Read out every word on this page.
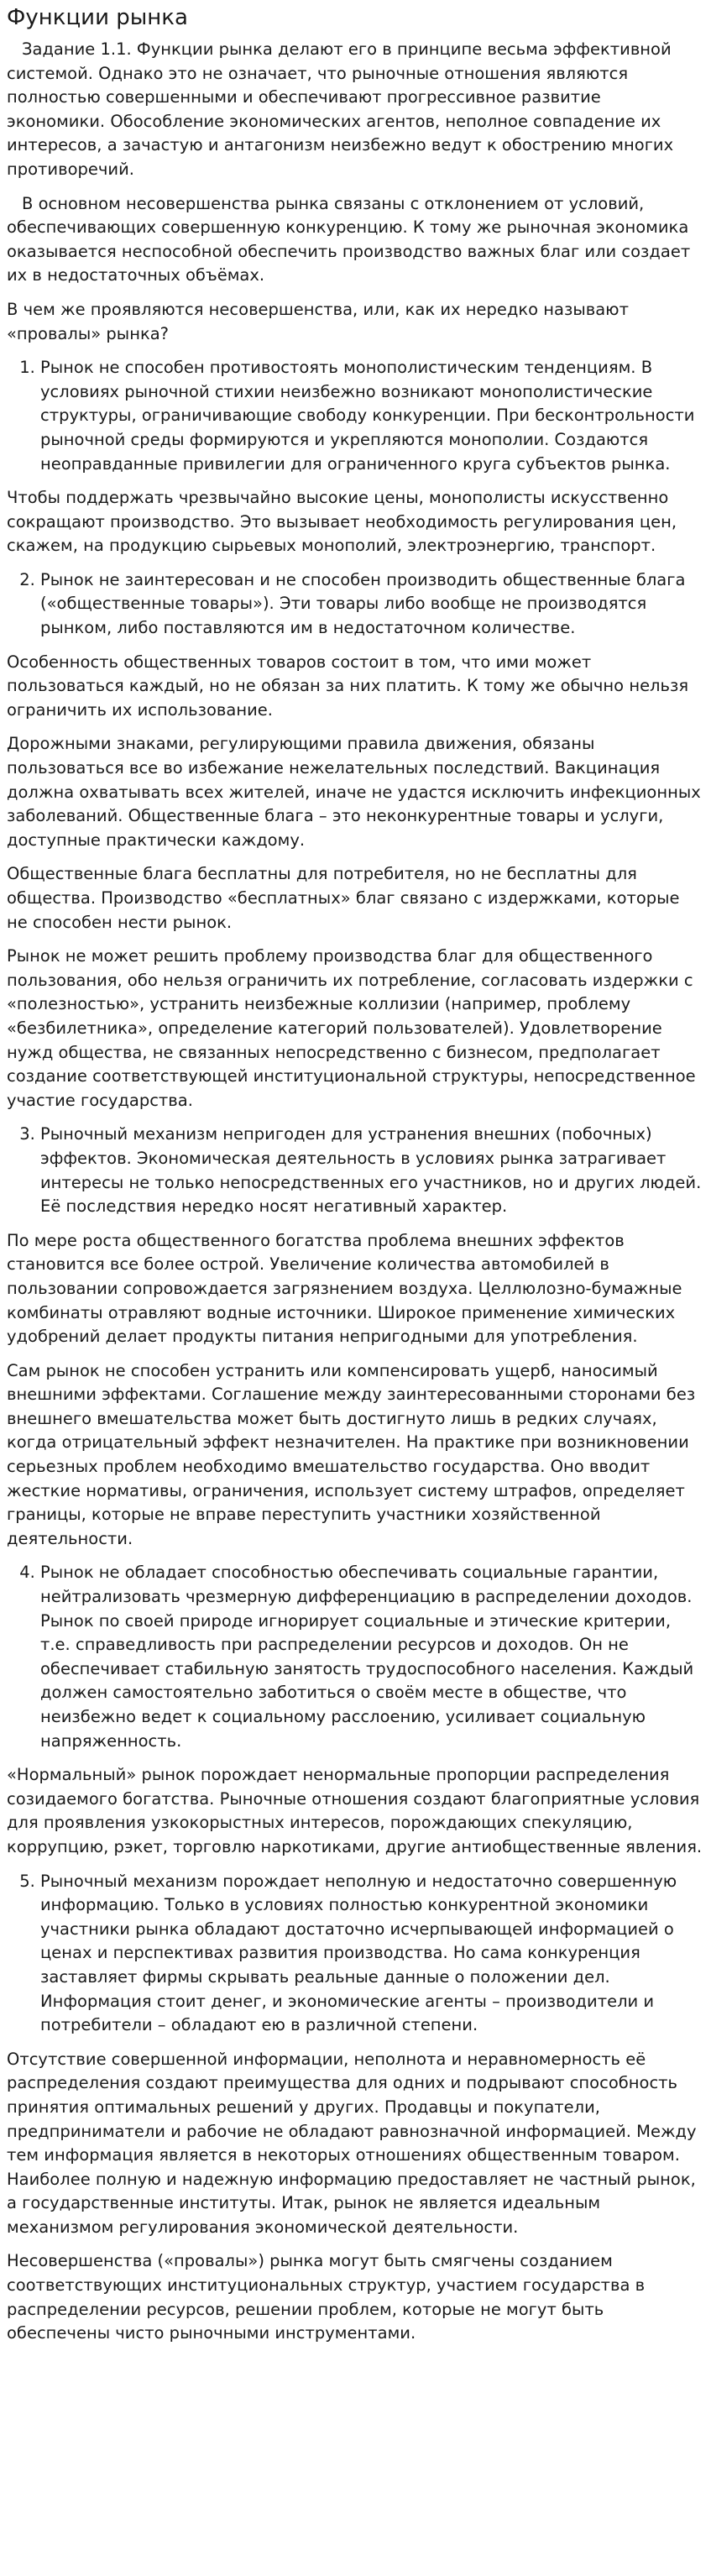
Функции рынка

Задание 1.1. Функции рынка делают его в принципе весьма эффективной системой. Однако это не означает, что рыночные отношения являются полностью совершенными и обеспечивают прогрессивное развитие экономики. Обособление экономических агентов, неполное совпадение их интересов, а зачастую и антагонизм неизбежно ведут к обострению многих противоречий.

В основном несовершенства рынка связаны с отклонением от условий, обеспечивающих совершенную конкуренцию. К тому же рыночная экономика оказывается неспособной обеспечить производство важных благ или создает их в недостаточных объёмах.

В чем же проявляются несовершенства, или, как их нередко называют «провалы» рынка?

1. Рынок не способен противостоять монополистическим тенденциям. В условиях рыночной стихии неизбежно возникают монополистические структуры, ограничивающие свободу конкуренции. При бесконтрольности рыночной среды формируются и укрепляются монополии. Создаются неоправданные привилегии для ограниченного круга субъектов рынка.

Чтобы поддержать чрезвычайно высокие цены, монополисты искусственно сокращают производство. Это вызывает необходимость регулирования цен, скажем, на продукцию сырьевых монополий, электроэнергию, транспорт.

2. Рынок не заинтересован и не способен производить общественные блага («общественные товары»). Эти товары либо вообще не производятся рынком, либо поставляются им в недостаточном количестве.

Особенность общественных товаров состоит в том, что ими может пользоваться каждый, но не обязан за них платить. К тому же обычно нельзя ограничить их использование.

Дорожными знаками, регулирующими правила движения, обязаны пользоваться все во избежание нежелательных последствий. Вакцинация должна охватывать всех жителей, иначе не удастся исключить инфекционных заболеваний. Общественные блага – это неконкурентные товары и услуги, доступные практически каждому.

Общественные блага бесплатны для потребителя, но не бесплатны для общества. Производство «бесплатных» благ связано с издержками, которые не способен нести рынок.

Рынок не может решить проблему производства благ для общественного пользования, обо нельзя ограничить их потребление, согласовать издержки с «полезностью», устранить неизбежные коллизии (например, проблему «безбилетника», определение категорий пользователей). Удовлетворение нужд общества, не связанных непосредственно с бизнесом, предполагает создание соответствующей институциональной структуры, непосредственное участие государства.

3. Рыночный механизм непригоден для устранения внешних (побочных) эффектов. Экономическая деятельность в условиях рынка затрагивает интересы не только непосредственных его участников, но и других людей. Её последствия нередко носят негативный характер.

По мере роста общественного богатства проблема внешних эффектов становится все более острой. Увеличение количества автомобилей в пользовании сопровождается загрязнением воздуха. Целлюлозно-бумажные комбинаты отравляют водные источники. Широкое применение химических удобрений делает продукты питания непригодными для употребления.

Сам рынок не способен устранить или компенсировать ущерб, наносимый внешними эффектами. Соглашение между заинтересованными сторонами без внешнего вмешательства может быть достигнуто лишь в редких случаях, когда отрицательный эффект незначителен. На практике при возникновении серьезных проблем необходимо вмешательство государства. Оно вводит жесткие нормативы, ограничения, использует систему штрафов, определяет границы, которые не вправе переступить участники хозяйственной деятельности.

4. Рынок не обладает способностью обеспечивать социальные гарантии, нейтрализовать чрезмерную дифференциацию в распределении доходов. Рынок по своей природе игнорирует социальные и этические критерии, т.е. справедливость при распределении ресурсов и доходов. Он не обеспечивает стабильную занятость трудоспособного населения. Каждый должен самостоятельно заботиться о своём месте в обществе, что неизбежно ведет к социальному расслоению, усиливает социальную напряженность.

«Нормальный» рынок порождает ненормальные пропорции распределения созидаемого богатства. Рыночные отношения создают благоприятные условия для проявления узкокорыстных интересов, порождающих спекуляцию, коррупцию, рэкет, торговлю наркотиками, другие антиобщественные явления.

5. Рыночный механизм порождает неполную и недостаточно совершенную информацию. Только в условиях полностью конкурентной экономики участники рынка обладают достаточно исчерпывающей информацией о ценах и перспективах развития производства. Но сама конкуренция заставляет фирмы скрывать реальные данные о положении дел. Информация стоит денег, и экономические агенты – производители и потребители – обладают ею в различной степени.

Отсутствие совершенной информации, неполнота и неравномерность её распределения создают преимущества для одних и подрывают способность принятия оптимальных решений у других. Продавцы и покупатели, предприниматели и рабочие не обладают равнозначной информацией. Между тем информация является в некоторых отношениях общественным товаром. Наиболее полную и надежную информацию предоставляет не частный рынок, а государственные институты. Итак, рынок не является идеальным механизмом регулирования экономической деятельности.

Несовершенства («провалы») рынка могут быть смягчены созданием соответствующих институциональных структур, участием государства в распределении ресурсов, решении проблем, которые не могут быть обеспечены чисто рыночными инструментами.
